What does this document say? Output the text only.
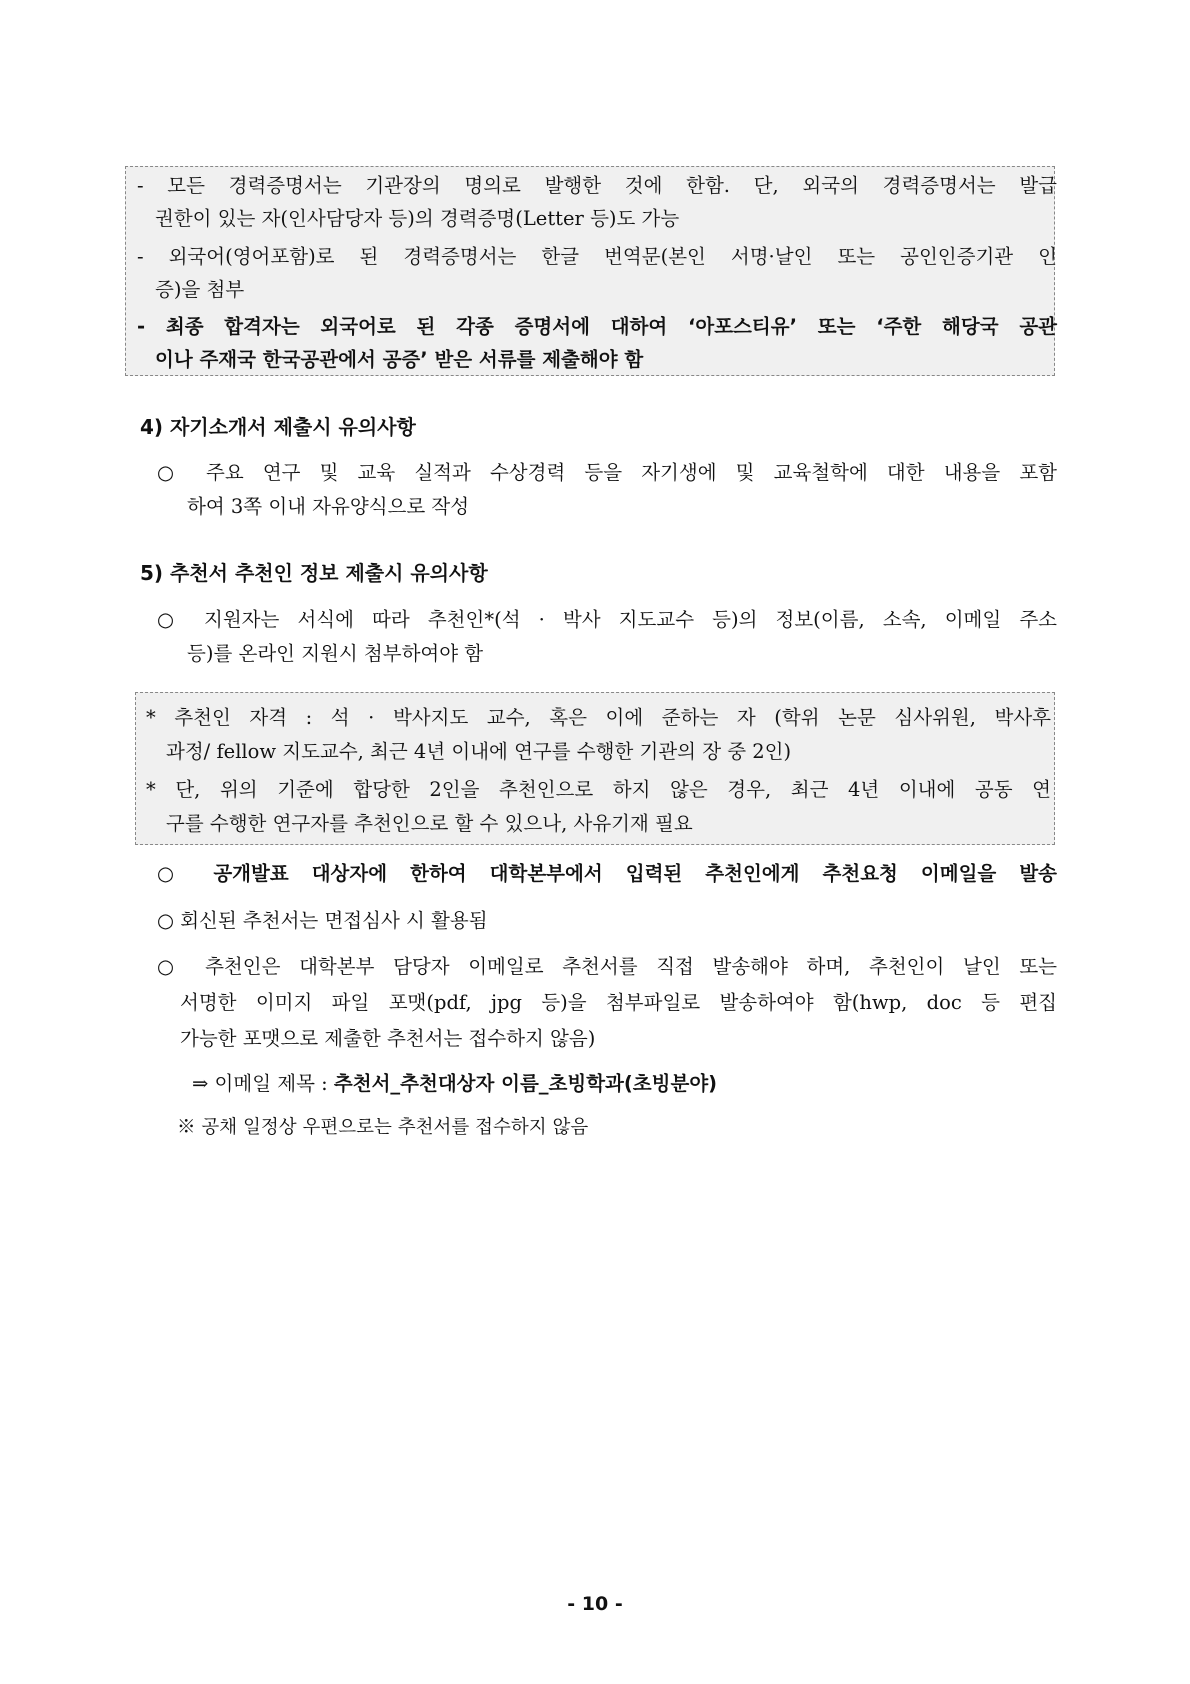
- 모든 경력증명서는 기관장의 명의로 발행한 것에 한함. 단, 외국의 경력증명서는 발급
권한이 있는 자(인사담당자 등)의 경력증명(Letter 등)도 가능
- 외국어(영어포함)로 된 경력증명서는 한글 번역문(본인 서명·날인 또는 공인인증기관 인
증)을 첨부
- 최종 합격자는 외국어로 된 각종 증명서에 대하여 ‘아포스티유’ 또는 ‘주한 해당국 공관
이나 주재국 한국공관에서 공증’ 받은 서류를 제출해야 함
4) 자기소개서 제출시 유의사항
○ 주요 연구 및 교육 실적과 수상경력 등을 자기생에 및 교육철학에 대한 내용을 포함
하여 3쪽 이내 자유양식으로 작성
5) 추천서 추천인 정보 제출시 유의사항
○ 지원자는 서식에 따라 추천인*(석 · 박사 지도교수 등)의 정보(이름, 소속, 이메일 주소
등)를 온라인 지원시 첨부하여야 함
* 추천인 자격 : 석 · 박사지도 교수, 혹은 이에 준하는 자 (학위 논문 심사위원, 박사후
과정/ fellow 지도교수, 최근 4년 이내에 연구를 수행한 기관의 장 중 2인)
* 단, 위의 기준에 합당한 2인을 추천인으로 하지 않은 경우, 최근 4년 이내에 공동 연
구를 수행한 연구자를 추천인으로 할 수 있으나, 사유기재 필요
○ 공개발표 대상자에 한하여 대학본부에서 입력된 추천인에게 추천요청 이메일을 발송
○ 회신된 추천서는 면접심사 시 활용됨
○ 추천인은 대학본부 담당자 이메일로 추천서를 직접 발송해야 하며, 추천인이 날인 또는
서명한 이미지 파일 포맷(pdf, jpg 등)을 첨부파일로 발송하여야 함(hwp, doc 등 편집
가능한 포맷으로 제출한 추천서는 접수하지 않음)
⇒ 이메일 제목 : 추천서_추천대상자 이름_초빙학과(초빙분야)
※ 공채 일정상 우편으로는 추천서를 접수하지 않음
- 10 -
